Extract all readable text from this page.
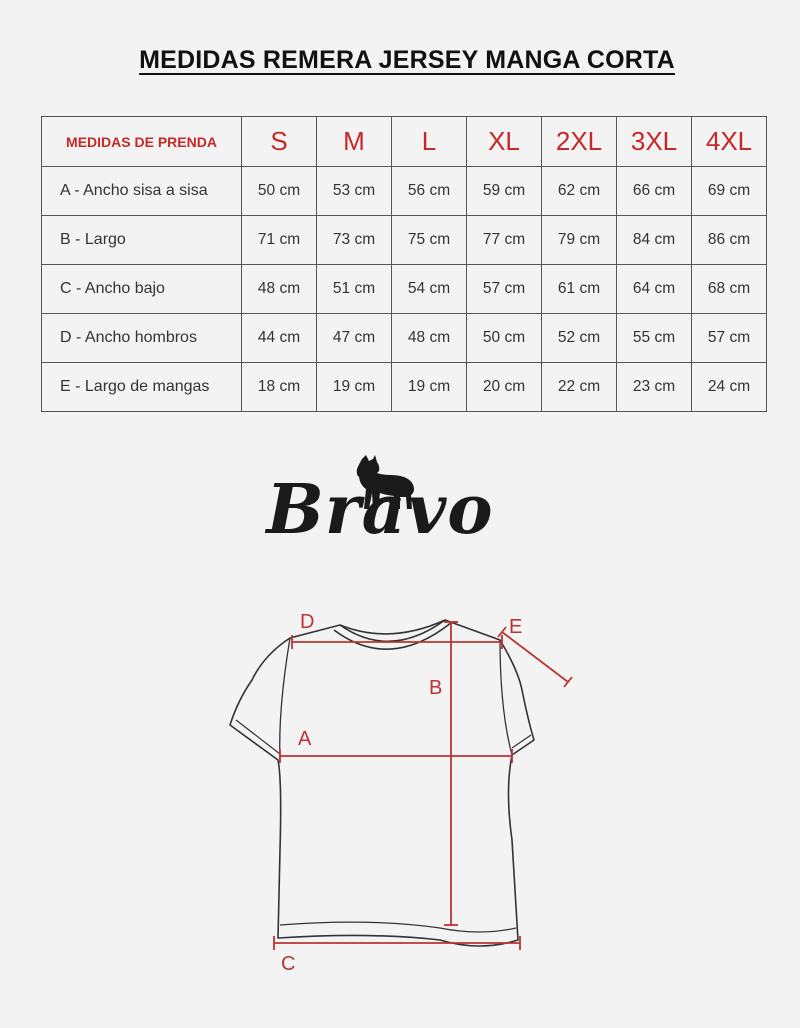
MEDIDAS REMERA JERSEY MANGA CORTA
MEDIDAS DE PRENDA	S	M	L	XL	2XL	3XL	4XL
A - Ancho sisa a sisa	50 cm	53 cm	56 cm	59 cm	62 cm	66 cm	69 cm
B - Largo	71 cm	73 cm	75 cm	77 cm	79 cm	84 cm	86 cm
C - Ancho bajo	48 cm	51 cm	54 cm	57 cm	61 cm	64 cm	68 cm
D - Ancho hombros	44 cm	47 cm	48 cm	50 cm	52 cm	55 cm	57 cm
E - Largo de mangas	18 cm	19 cm	19 cm	20 cm	22 cm	23 cm	24 cm
Bravo
D
B
A
C
E
